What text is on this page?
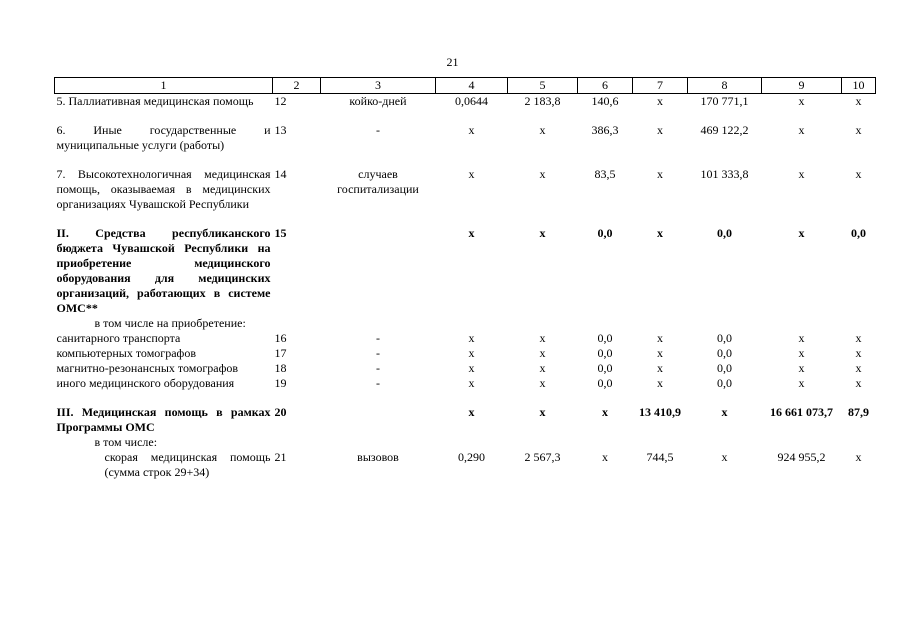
21
1	2	3	4	5	6	7	8	9	10
5. Паллиативная медицинская помощь	12	койко-дней	0,0644	2 183,8	140,6	х	170 771,1	х	х

6. Иные государственные и муниципальные услуги (работы)	13	-	х	х	386,3	х	469 122,2	х	х

7. Высокотехнологичная медицинская помощь, оказываемая в медицинских организациях Чувашской Республики	14	случаев госпитализации	х	х	83,5	х	101 333,8	х	х

II. Средства республиканского бюджета Чувашской Республики на приобретение медицинского оборудования для медицинских организаций, работающих в системе ОМС**	15		х	х	0,0	х	0,0	х	0,0
в том числе на приобретение:									
санитарного транспорта	16	-	х	х	0,0	х	0,0	х	х
компьютерных томографов	17	-	х	х	0,0	х	0,0	х	х
магнитно-резонансных томографов	18	-	х	х	0,0	х	0,0	х	х
иного медицинского оборудования	19	-	х	х	0,0	х	0,0	х	х

III. Медицинская помощь в рамках Программы ОМС	20		х	х	х	13 410,9	х	16 661 073,7	87,9
в том числе:									
скорая медицинская помощь (сумма строк 29+34)	21	вызовов	0,290	2 567,3	х	744,5	х	924 955,2	х
